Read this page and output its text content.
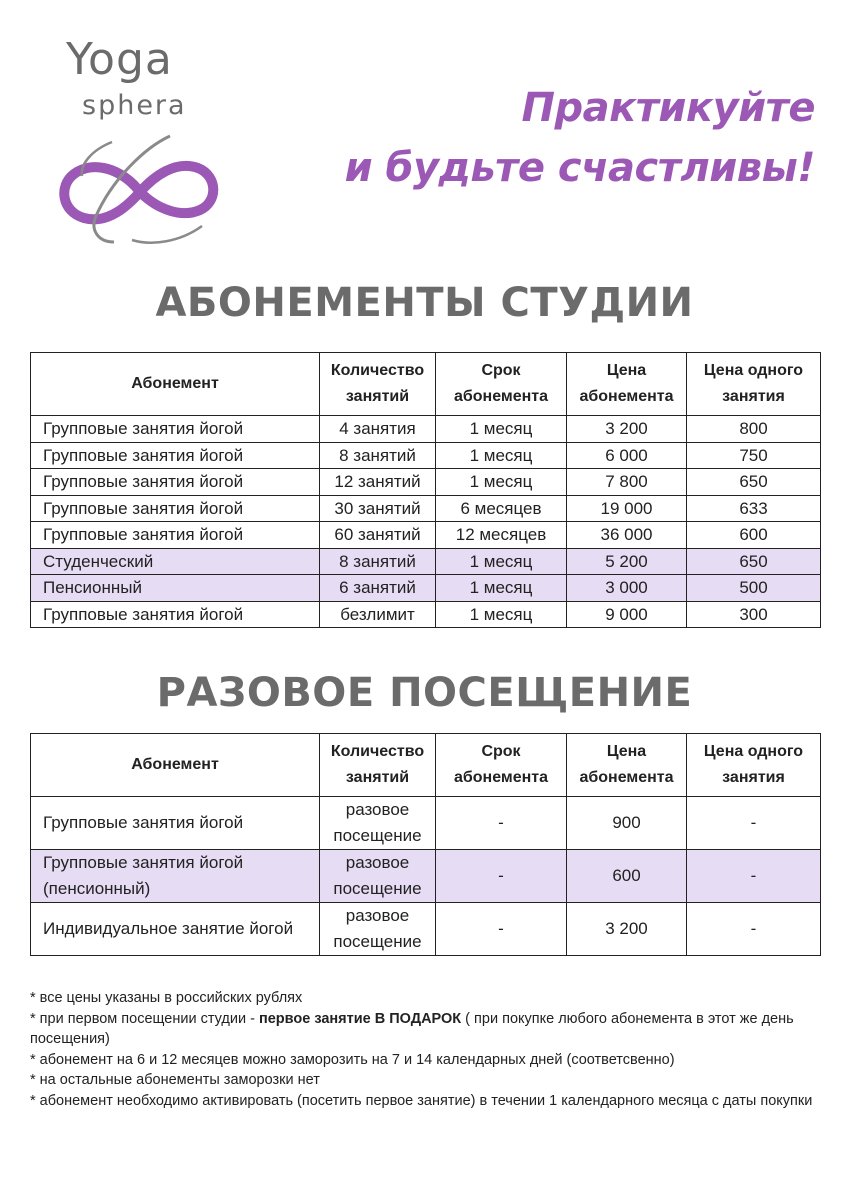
Yoga
sphera	Практикуйте
и будьте счастливы!
АБОНЕМЕНТЫ СТУДИИ
Абонемент	Количество занятий	Срок абонемента	Цена абонемента	Цена одного занятия
Групповые занятия йогой	4 занятия	1 месяц	3 200	800
Групповые занятия йогой	8 занятий	1 месяц	6 000	750
Групповые занятия йогой	12 занятий	1 месяц	7 800	650
Групповые занятия йогой	30 занятий	6 месяцев	19 000	633
Групповые занятия йогой	60 занятий	12 месяцев	36 000	600
Студенческий	8 занятий	1 месяц	5 200	650
Пенсионный	6 занятий	1 месяц	3 000	500
Групповые занятия йогой	безлимит	1 месяц	9 000	300
РАЗОВОЕ ПОСЕЩЕНИЕ
Абонемент	Количество занятий	Срок абонемента	Цена абонемента	Цена одного занятия
Групповые занятия йогой	разовое посещение	-	900	-
Групповые занятия йогой (пенсионный)	разовое посещение	-	600	-
Индивидуальное занятие йогой	разовое посещение	-	3 200	-

* все цены указаны в российских рублях

* при первом посещении студии - первое занятие В ПОДАРОК ( при покупке любого абонемента в этот же день посещения)

* абонемент на 6 и 12 месяцев можно заморозить на 7 и 14 календарных дней (соответсвенно)

* на остальные абонементы заморозки нет

* абонемент необходимо активировать (посетить первое занятие) в течении 1 календарного месяца с даты покупки
